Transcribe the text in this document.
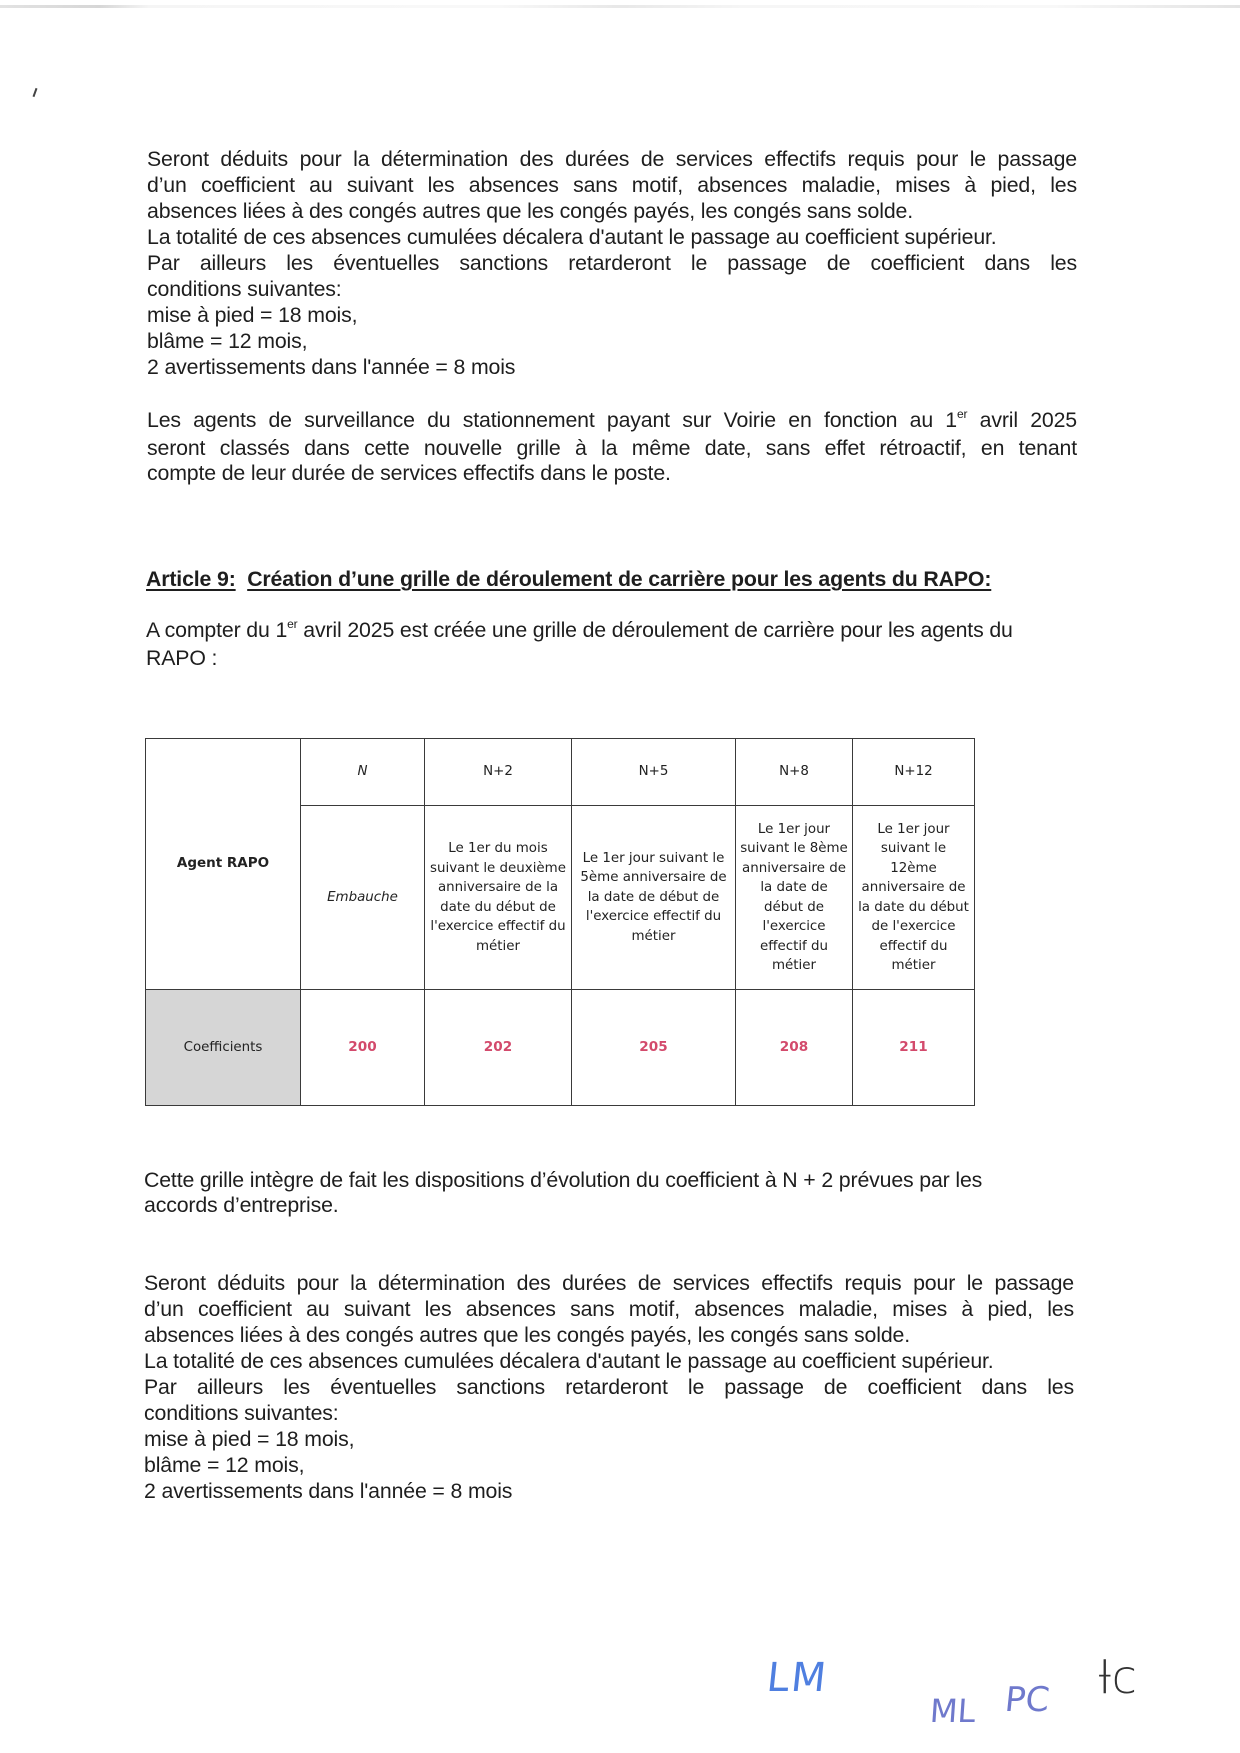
Seront déduits pour la détermination des durées de services effectifs requis pour le passage
d’un coefficient au suivant les absences sans motif, absences maladie, mises à pied, les
absences liées à des congés autres que les congés payés, les congés sans solde.
La totalité de ces absences cumulées décalera d'autant le passage au coefficient supérieur.
Par ailleurs les éventuelles sanctions retarderont le passage de coefficient dans les
conditions suivantes:
mise à pied = 18 mois,
blâme = 12 mois,
2 avertissements dans l'année = 8 mois
Les agents de surveillance du stationnement payant sur Voirie en fonction au 1er avril 2025
seront classés dans cette nouvelle grille à la même date, sans effet rétroactif, en tenant
compte de leur durée de services effectifs dans le poste.
Article 9: Création d’une grille de déroulement de carrière pour les agents du RAPO:
A compter du 1er avril 2025 est créée une grille de déroulement de carrière pour les agents du
RAPO :
Agent RAPO	N	N+2	N+5	N+8	N+12
	Embauche	Le 1er du mois suivant le deuxième anniversaire de la date du début de l'exercice effectif du métier	Le 1er jour suivant le 5ème anniversaire de la date de début de l'exercice effectif du métier	Le 1er jour suivant le 8ème anniversaire de la date de début de l'exercice effectif du métier	Le 1er jour suivant le 12ème anniversaire de la date du début de l'exercice effectif du métier
Coefficients	200	202	205	208	211
Cette grille intègre de fait les dispositions d’évolution du coefficient à N + 2 prévues par les
accords d’entreprise.
Seront déduits pour la détermination des durées de services effectifs requis pour le passage
d’un coefficient au suivant les absences sans motif, absences maladie, mises à pied, les
absences liées à des congés autres que les congés payés, les congés sans solde.
La totalité de ces absences cumulées décalera d'autant le passage au coefficient supérieur.
Par ailleurs les éventuelles sanctions retarderont le passage de coefficient dans les
conditions suivantes:
mise à pied = 18 mois,
blâme = 12 mois,
2 avertissements dans l'année = 8 mois
LM
ML PC Ɨc
